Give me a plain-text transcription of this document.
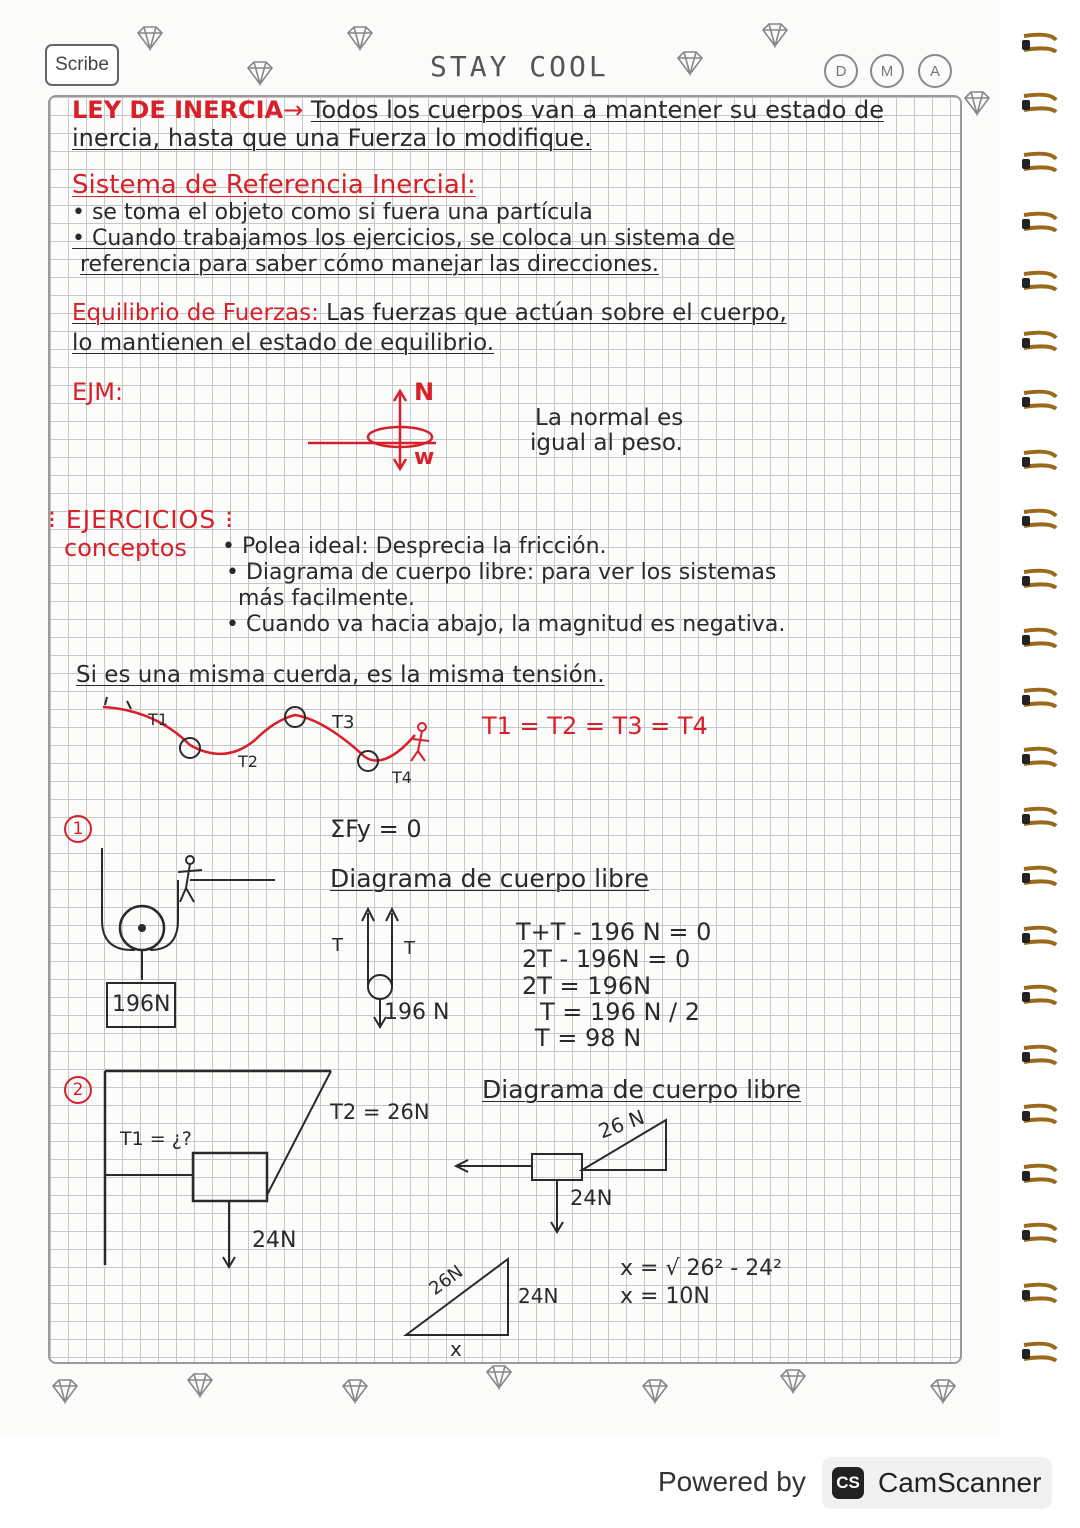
Scribe	STAY COOL	D	M	A
LEY DE INERCIA→ Todos los cuerpos van a mantener su estado de
inercia, hasta que una Fuerza lo modifique.
Sistema de Referencia Inercial:
• se toma el objeto como si fuera una partícula
• Cuando trabajamos los ejercicios, se coloca un sistema de
referencia para saber cómo manejar las direcciones.
Equilibrio de Fuerzas: Las fuerzas que actúan sobre el cuerpo,
lo mantienen el estado de equilibrio.
EJM:	N
w
La normal es
igual al peso.
⁝ EJERCICIOS ⁝
conceptos • Polea ideal: Desprecia la fricción.
• Diagrama de cuerpo libre: para ver los sistemas
más facilmente.
• Cuando va hacia abajo, la magnitud es negativa.
Si es una misma cuerda, es la misma tensión.
T1
T2
T3
T4
T1 = T2 = T3 = T4
1
196N
ΣFy = 0
Diagrama de cuerpo libre
T	T
196 N
T+T - 196 N = 0
2T - 196N = 0
2T = 196N
T = 196 N / 2
T = 98 N
2
T1 = ¿?
T2 = 26N
24N
Diagrama de cuerpo libre
26 N
24N
26N	24N
x
x = √ 26² - 24²
x = 10N
Powered by CS CamScanner
